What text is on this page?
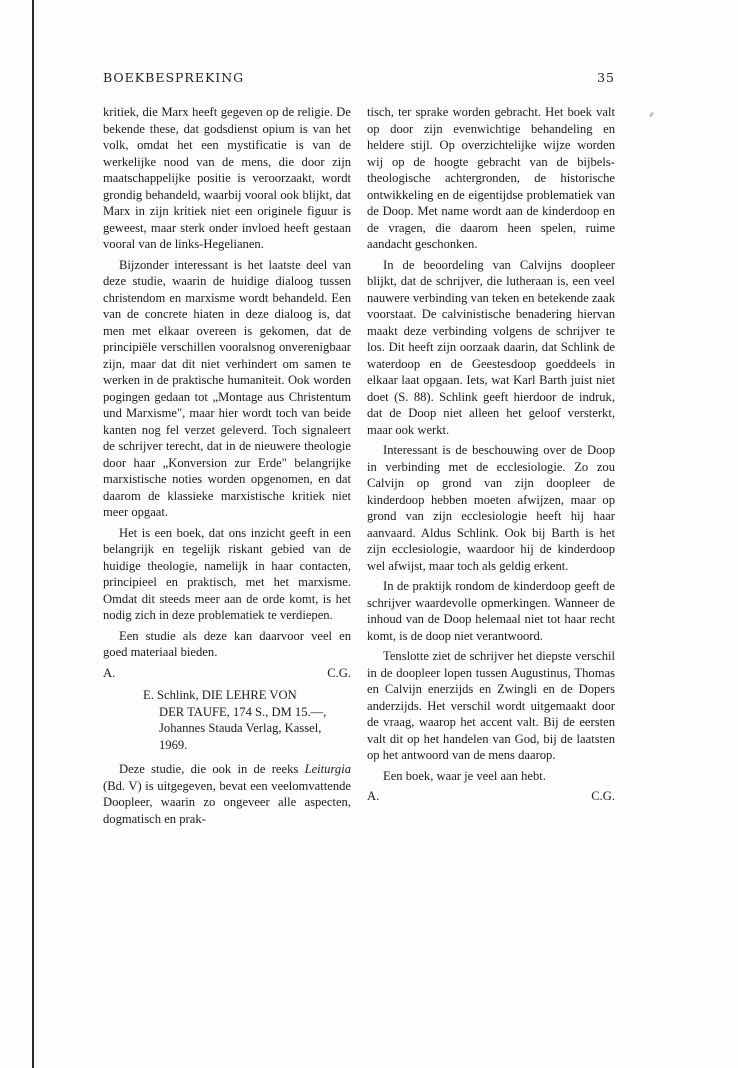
BOEKBESPREKING	35

kritiek, die Marx heeft gegeven op de religie. De bekende these, dat godsdienst opium is van het volk, omdat het een mystificatie is van de werkelijke nood van de mens, die door zijn maatschappelijke positie is veroorzaakt, wordt grondig behandeld, waarbij vooral ook blijkt, dat Marx in zijn kritiek niet een originele figuur is geweest, maar sterk onder invloed heeft gestaan vooral van de links-Hegelianen.

Bijzonder interessant is het laatste deel van deze studie, waarin de huidige dialoog tussen christendom en marxisme wordt behandeld. Een van de concrete hiaten in deze dialoog is, dat men met elkaar overeen is gekomen, dat de principiële verschillen vooralsnog onverenigbaar zijn, maar dat dit niet verhindert om samen te werken in de praktische humaniteit. Ook worden pogingen gedaan tot „Montage aus Christentum und Marxisme", maar hier wordt toch van beide kanten nog fel verzet geleverd. Toch signaleert de schrijver terecht, dat in de nieuwere theologie door haar „Konversion zur Erde" belangrijke marxistische noties worden opgenomen, en dat daarom de klassieke marxistische kritiek niet meer opgaat.

Het is een boek, dat ons inzicht geeft in een belangrijk en tegelijk riskant gebied van de huidige theologie, namelijk in haar contacten, principieel en praktisch, met het marxisme. Omdat dit steeds meer aan de orde komt, is het nodig zich in deze problematiek te verdiepen.

Een studie als deze kan daarvoor veel en goed materiaal bieden.

A.	C.G.
E. Schlink, DIE LEHRE VON
DER TAUFE, 174 S., DM 15.—,
Johannes Stauda Verlag, Kassel,
1969.

Deze studie, die ook in de reeks Leiturgia (Bd. V) is uitgegeven, bevat een veelomvattende Doopleer, waarin zo ongeveer alle aspecten, dogmatisch en prak-

tisch, ter sprake worden gebracht. Het boek valt op door zijn evenwichtige behandeling en heldere stijl. Op overzichtelijke wijze worden wij op de hoogte gebracht van de bijbels-theologische achtergronden, de historische ontwikkeling en de eigentijdse problematiek van de Doop. Met name wordt aan de kinderdoop en de vragen, die daarom heen spelen, ruime aandacht geschonken.

In de beoordeling van Calvijns doopleer blijkt, dat de schrijver, die lutheraan is, een veel nauwere verbinding van teken en betekende zaak voorstaat. De calvinistische benadering hiervan maakt deze verbinding volgens de schrijver te los. Dit heeft zijn oorzaak daarin, dat Schlink de waterdoop en de Geestesdoop goeddeels in elkaar laat opgaan. Iets, wat Karl Barth juist niet doet (S. 88). Schlink geeft hierdoor de indruk, dat de Doop niet alleen het geloof versterkt, maar ook werkt.

Interessant is de beschouwing over de Doop in verbinding met de ecclesiologie. Zo zou Calvijn op grond van zijn doopleer de kinderdoop hebben moeten afwijzen, maar op grond van zijn ecclesiologie heeft hij haar aanvaard. Aldus Schlink. Ook bij Barth is het zijn ecclesiologie, waardoor hij de kinderdoop wel afwijst, maar toch als geldig erkent.

In de praktijk rondom de kinderdoop geeft de schrijver waardevolle opmerkingen. Wanneer de inhoud van de Doop helemaal niet tot haar recht komt, is de doop niet verantwoord.

Tenslotte ziet de schrijver het diepste verschil in de doopleer lopen tussen Augustinus, Thomas en Calvijn enerzijds en Zwingli en de Dopers anderzijds. Het verschil wordt uitgemaakt door de vraag, waarop het accent valt. Bij de eersten valt dit op het handelen van God, bij de laatsten op het antwoord van de mens daarop.

Een boek, waar je veel aan hebt.

A.	C.G.
